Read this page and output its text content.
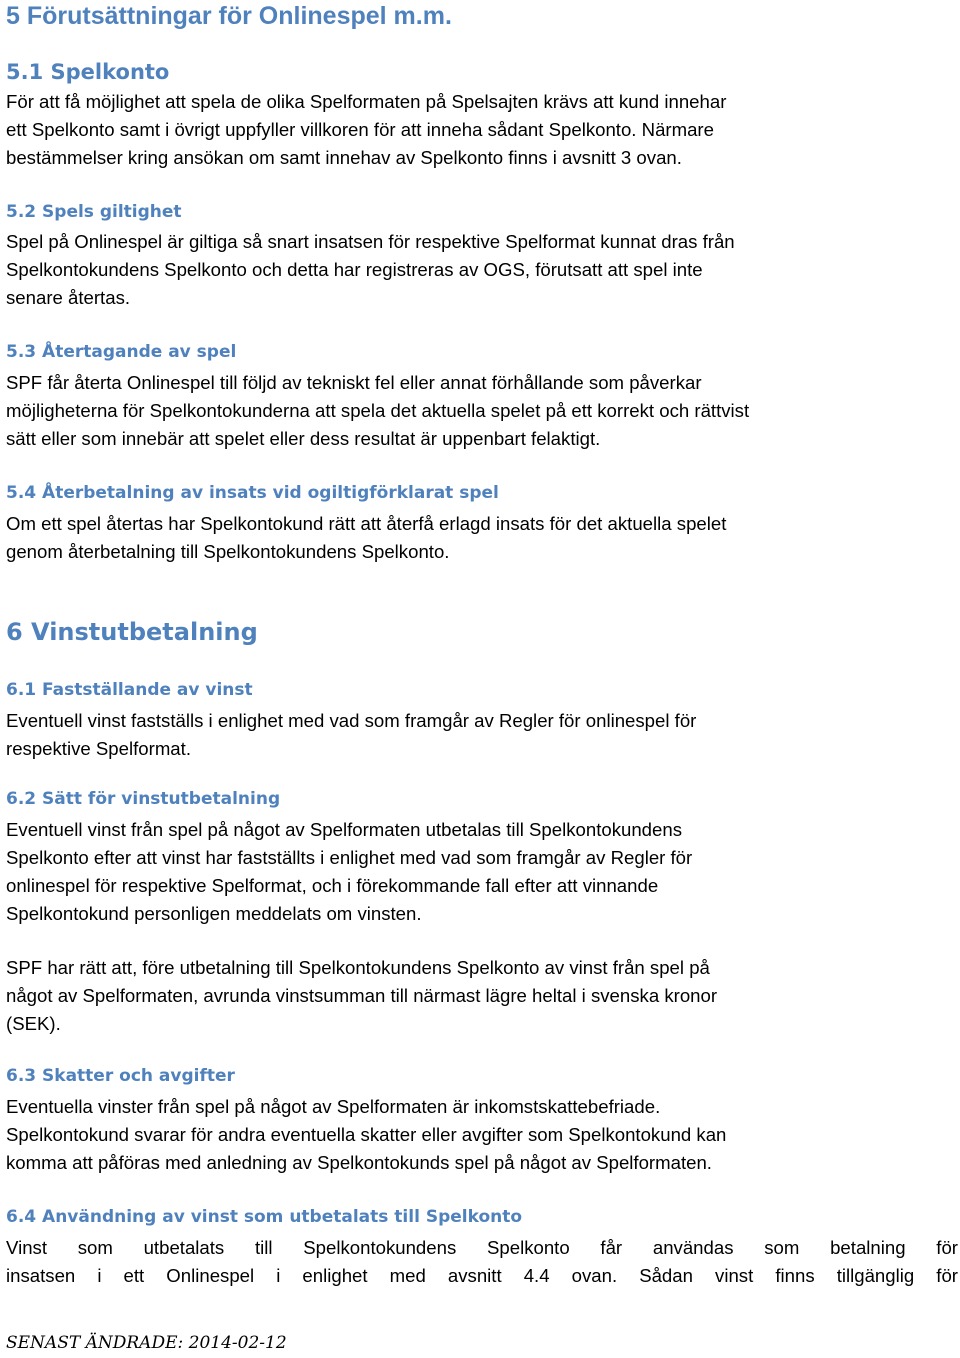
5 Förutsättningar för Onlinespel m.m.
5.1 Spelkonto
För att få möjlighet att spela de olika Spelformaten på Spelsajten krävs att kund innehar
ett Spelkonto samt i övrigt uppfyller villkoren för att inneha sådant Spelkonto. Närmare
bestämmelser kring ansökan om samt innehav av Spelkonto finns i avsnitt 3 ovan.
5.2 Spels giltighet
Spel på Onlinespel är giltiga så snart insatsen för respektive Spelformat kunnat dras från
Spelkontokundens Spelkonto och detta har registreras av OGS, förutsatt att spel inte
senare återtas.
5.3 Återtagande av spel
SPF får återta Onlinespel till följd av tekniskt fel eller annat förhållande som påverkar
möjligheterna för Spelkontokunderna att spela det aktuella spelet på ett korrekt och rättvist
sätt eller som innebär att spelet eller dess resultat är uppenbart felaktigt.
5.4 Återbetalning av insats vid ogiltigförklarat spel
Om ett spel återtas har Spelkontokund rätt att återfå erlagd insats för det aktuella spelet
genom återbetalning till Spelkontokundens Spelkonto.
6 Vinstutbetalning
6.1 Fastställande av vinst
Eventuell vinst fastställs i enlighet med vad som framgår av Regler för onlinespel för
respektive Spelformat.
6.2 Sätt för vinstutbetalning
Eventuell vinst från spel på något av Spelformaten utbetalas till Spelkontokundens
Spelkonto efter att vinst har fastställts i enlighet med vad som framgår av Regler för
onlinespel för respektive Spelformat, och i förekommande fall efter att vinnande
Spelkontokund personligen meddelats om vinsten.
SPF har rätt att, före utbetalning till Spelkontokundens Spelkonto av vinst från spel på
något av Spelformaten, avrunda vinstsumman till närmast lägre heltal i svenska kronor
(SEK).
6.3 Skatter och avgifter
Eventuella vinster från spel på något av Spelformaten är inkomstskattebefriade.
Spelkontokund svarar för andra eventuella skatter eller avgifter som Spelkontokund kan
komma att påföras med anledning av Spelkontokunds spel på något av Spelformaten.
6.4 Användning av vinst som utbetalats till Spelkonto
Vinst som utbetalats till Spelkontokundens Spelkonto får användas som betalning för
insatsen i ett Onlinespel i enlighet med avsnitt 4.4 ovan. Sådan vinst finns tillgänglig för
SENAST ÄNDRADE: 2014-02-12
